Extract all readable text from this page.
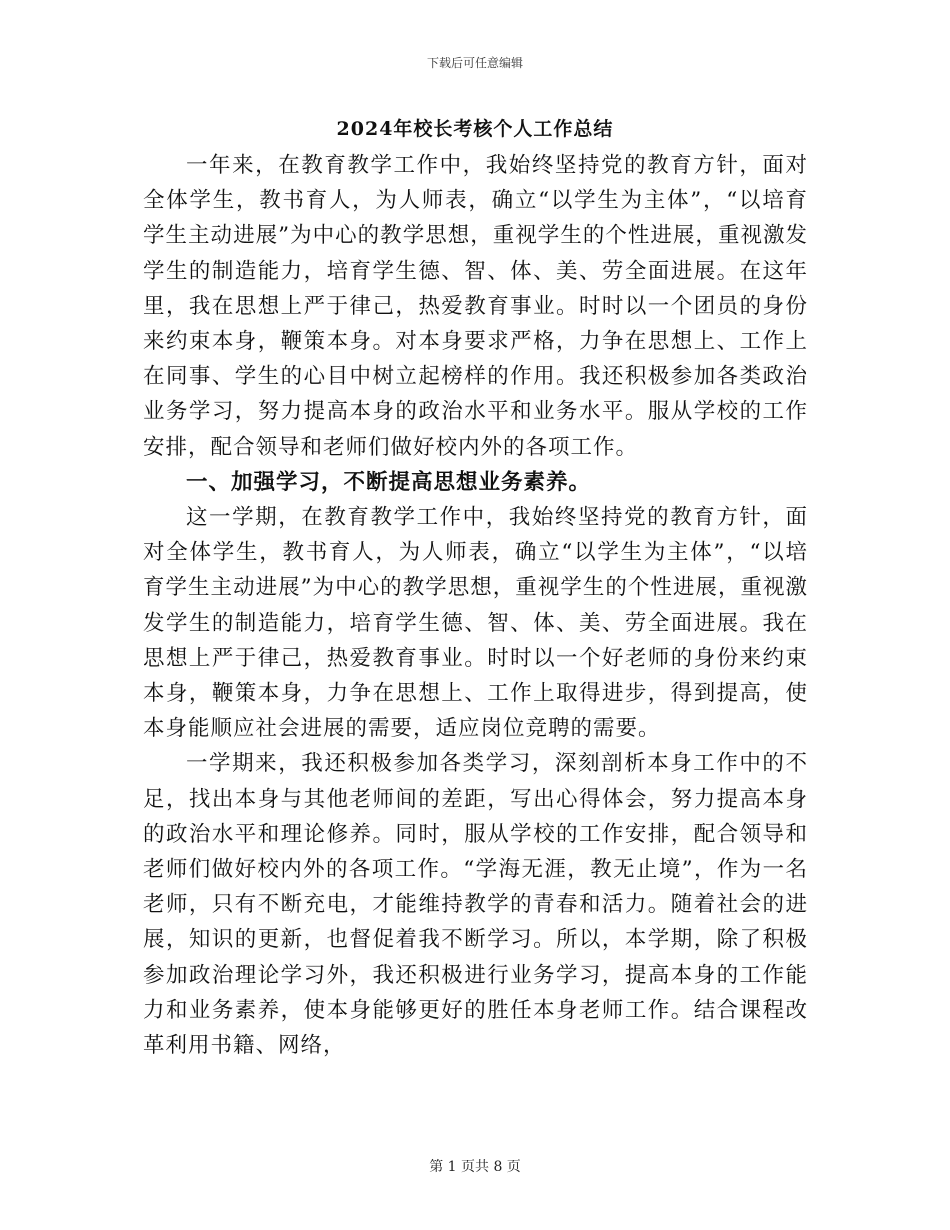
下载后可任意编辑
2024年校长考核个人工作总结

一年来，在教育教学工作中，我始终坚持党的教育方针，面对全体学生，教书育人，为人师表，确立“以学生为主体”，“以培育学生主动进展”为中心的教学思想，重视学生的个性进展，重视激发学生的制造能力，培育学生德、智、体、美、劳全面进展。在这年里，我在思想上严于律己，热爱教育事业。时时以一个团员的身份来约束本身，鞭策本身。对本身要求严格，力争在思想上、工作上在同事、学生的心目中树立起榜样的作用。我还积极参加各类政治业务学习，努力提高本身的政治水平和业务水平。服从学校的工作安排，配合领导和老师们做好校内外的各项工作。

一、加强学习，不断提高思想业务素养。

这一学期，在教育教学工作中，我始终坚持党的教育方针，面对全体学生，教书育人，为人师表，确立“以学生为主体”，“以培育学生主动进展”为中心的教学思想，重视学生的个性进展，重视激发学生的制造能力，培育学生德、智、体、美、劳全面进展。我在思想上严于律己，热爱教育事业。时时以一个好老师的身份来约束本身，鞭策本身，力争在思想上、工作上取得进步，得到提高，使本身能顺应社会进展的需要，适应岗位竞聘的需要。

一学期来，我还积极参加各类学习，深刻剖析本身工作中的不足，找出本身与其他老师间的差距，写出心得体会，努力提高本身的政治水平和理论修养。同时，服从学校的工作安排，配合领导和老师们做好校内外的各项工作。“学海无涯，教无止境”，作为一名老师，只有不断充电，才能维持教学的青春和活力。随着社会的进展，知识的更新，也督促着我不断学习。所以，本学期，除了积极参加政治理论学习外，我还积极进行业务学习，提高本身的工作能力和业务素养，使本身能够更好的胜任本身老师工作。结合课程改革利用书籍、网络，

第 1 页共 8 页
